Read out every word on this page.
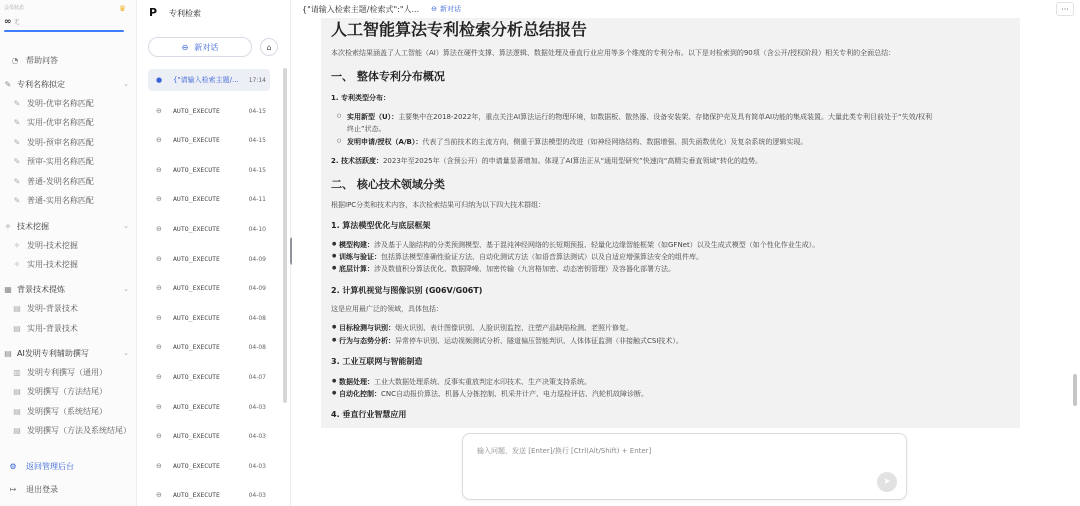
会员状态	♛
∞ 无
◔ 帮助问答
✎ 专利名称拟定	⌄
✎ 发明-优审名称匹配
✎ 实用-优审名称匹配
✎ 发明-预审名称匹配
✎ 预审-实用名称匹配
✎ 普通-发明名称匹配
✎ 普通-实用名称匹配
✧ 技术挖掘	⌄
✧ 发明-技术挖掘
✧ 实用-技术挖掘
▦ 背景技术提炼	⌄
▤ 发明-背景技术
▤ 实用-背景技术
▤ AI发明专利辅助撰写	⌄
▥ 发明专利撰写（通用）
▤ 发明撰写（方法结尾）
▤ 发明撰写（系统结尾）
▤ 发明撰写（方法及系统结尾）
⚙ 返回管理后台
↦ 退出登录
P	专利检索
⊖ 新对话	⌂
●	{"请输入检索主题/...	17:14
⊖	AUTO_EXECUTE	04-15
⊖	AUTO_EXECUTE	04-15
⊖	AUTO_EXECUTE	04-15
⊖	AUTO_EXECUTE	04-11
⊖	AUTO_EXECUTE	04-10
⊖	AUTO_EXECUTE	04-09
⊖	AUTO_EXECUTE	04-09
⊖	AUTO_EXECUTE	04-08
⊖	AUTO_EXECUTE	04-08
⊖	AUTO_EXECUTE	04-07
⊖	AUTO_EXECUTE	04-03
⊖	AUTO_EXECUTE	04-03
⊖	AUTO_EXECUTE	04-03
⊖	AUTO_EXECUTE	04-03
{"请输入检索主题/检索式":"人... ⊖ 新对话	···
人工智能算法专利检索分析总结报告
本次检索结果涵盖了人工智能（AI）算法在硬件支撑、算法逻辑、数据处理及垂直行业应用等多个维度的专利分布。以下是对检索到的90项（含公开/授权阶段）相关专利的全面总结：
一、 整体专利分布概况
1. 专利类型分布：
○ 实用新型（U）：主要集中在2018-2022年，重点关注AI算法运行的物理环境，如数据板、散热器、设备安装架、存储保护壳及具有简单AI功能的集成装置。大量此类专利目前处于“失效/权利
终止”状态。
○ 发明申请/授权（A/B）：代表了当前技术的主流方向，侧重于算法模型的改进（如神经网络结构、数据增强、损失函数优化）及复杂系统的逻辑实现。
2. 技术活跃度：2023年至2025年（含预公开）的申请量显著增加。体现了AI算法正从“通用型研究”快速向“高精尖垂直领域”转化的趋势。
二、 核心技术领域分类
根据IPC分类和技术内容，本次检索结果可归纳为以下四大技术群组：
1. 算法模型优化与底层框架
● 模型构建：涉及基于人脑结构的分类预测模型、基于混沌神经网络的长短期预报、轻量化边缘智能框架（如GFNet）以及生成式模型（如个性化作业生成）。
● 训练与验证：包括算法模型准确性验证方法、自动化测试方法（如语音算法测试）以及自适应增强算法安全的组件库。
● 底层计算：涉及数值积分算法优化、数据降噪、加密传输（九宫格加密、动态密钥管理）及容器化部署方法。
2. 计算机视觉与图像识别 (G06V/G06T)
这是应用最广泛的领域，具体包括：
● 目标检测与识别：烟火识别、表计图像识别、人脸识别监控、注塑产品缺陷检测、老照片修复。
● 行为与态势分析：异常停车识别、运动视频测试分析、隧道偏压智能判识、人体体征监测（非接触式CSI技术）。
3. 工业互联网与智能制造
● 数据处理：工业大数据处理系统、反事实重放判定水印技术、生产决策支持系统。
● 自动化控制：CNC自动报价算法、机器人分拣控制、机采井计产、电力巡检评估、汽轮机故障诊断。
4. 垂直行业智慧应用
输入问题，发送 [Enter]/换行 [Ctrl(Alt/Shift) + Enter]
➤
